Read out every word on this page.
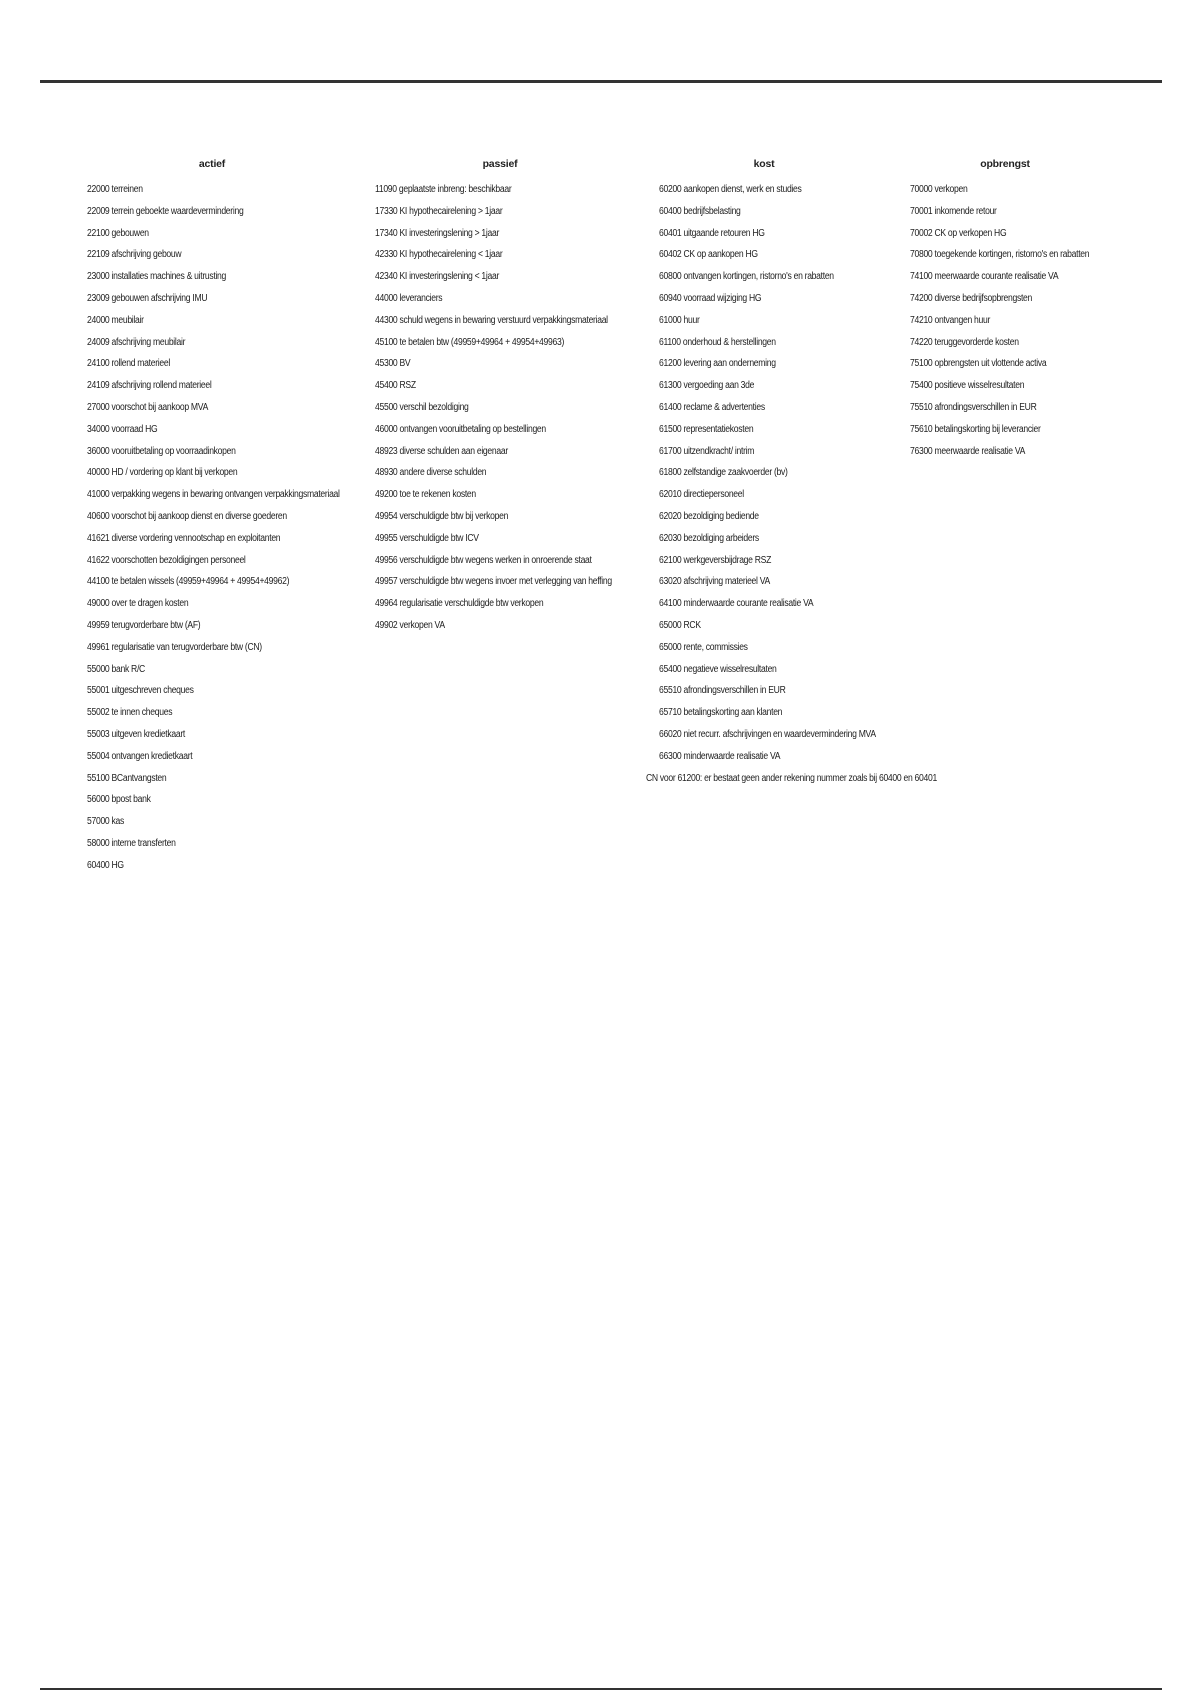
actief
22000 terreinen
22009 terrein geboekte waardevermindering
22100 gebouwen
22109 afschrijving gebouw
23000 installaties machines & uitrusting
23009 gebouwen afschrijving IMU
24000 meubilair
24009 afschrijving meubilair
24100 rollend materieel
24109 afschrijving rollend materieel
27000 voorschot bij aankoop MVA
34000 voorraad HG
36000 vooruitbetaling op voorraadinkopen
40000 HD / vordering op klant bij verkopen
41000 verpakking wegens in bewaring ontvangen verpakkingsmateriaal
40600 voorschot bij aankoop dienst en diverse goederen
41621 diverse vordering vennootschap en exploitanten
41622 voorschotten bezoldigingen personeel
44100 te betalen wissels (49959+49964 + 49954+49962)
49000 over te dragen kosten
49959 terugvorderbare btw (AF)
49961 regularisatie van terugvorderbare btw (CN)
55000 bank R/C
55001 uitgeschreven cheques
55002 te innen cheques
55003 uitgeven kredietkaart
55004 ontvangen kredietkaart
55100 BCantvangsten
56000 bpost bank
57000 kas
58000 interne transferten
60400 HG
passief
11090 geplaatste inbreng: beschikbaar
17330 KI hypothecairelening > 1jaar
17340 KI investeringslening > 1jaar
42330 KI hypothecairelening < 1jaar
42340 KI investeringslening < 1jaar
44000 leveranciers
44300 schuld wegens in bewaring verstuurd verpakkingsmateriaal
45100 te betalen btw (49959+49964 + 49954+49963)
45300 BV
45400 RSZ
45500 verschil bezoldiging
46000 ontvangen vooruitbetaling op bestellingen
48923 diverse schulden aan eigenaar
48930 andere diverse schulden
49200 toe te rekenen kosten
49954 verschuldigde btw bij verkopen
49955 verschuldigde btw ICV
49956 verschuldigde btw wegens werken in onroerende staat
49957 verschuldigde btw wegens invoer met verlegging van heffing
49964 regularisatie verschuldigde btw verkopen
49902 verkopen VA
kost
60200 aankopen dienst, werk en studies
60400 bedrijfsbelasting
60401 uitgaande retouren HG
60402 CK op aankopen HG
60800 ontvangen kortingen, ristorno's en rabatten
60940 voorraad wijziging HG
61000 huur
61100 onderhoud & herstellingen
61200 levering aan onderneming
61300 vergoeding aan 3de
61400 reclame & advertenties
61500 representatiekosten
61700 uitzendkracht/ intrim
61800 zelfstandige zaakvoerder (bv)
62010 directiepersoneel
62020 bezoldiging bediende
62030 bezoldiging arbeiders
62100 werkgeversbijdrage RSZ
63020 afschrijving materieel VA
64100 minderwaarde courante realisatie VA
65000 RCK
65000 rente, commissies
65400 negatieve wisselresultaten
65510 afrondingsverschillen in EUR
65710 betalingskorting aan klanten
66020 niet recurr. afschrijvingen en waardevermindering MVA
66300 minderwaarde realisatie VA
CN voor 61200: er bestaat geen ander rekening nummer zoals bij 60400 en 60401
opbrengst
70000 verkopen
70001 inkomende retour
70002 CK op verkopen HG
70800 toegekende kortingen, ristorno's en rabatten
74100 meerwaarde courante realisatie VA
74200 diverse bedrijfsopbrengsten
74210 ontvangen huur
74220 teruggevorderde kosten
75100 opbrengsten uit vlottende activa
75400 positieve wisselresultaten
75510 afrondingsverschillen in EUR
75610 betalingskorting bij leverancier
76300 meerwaarde realisatie VA
